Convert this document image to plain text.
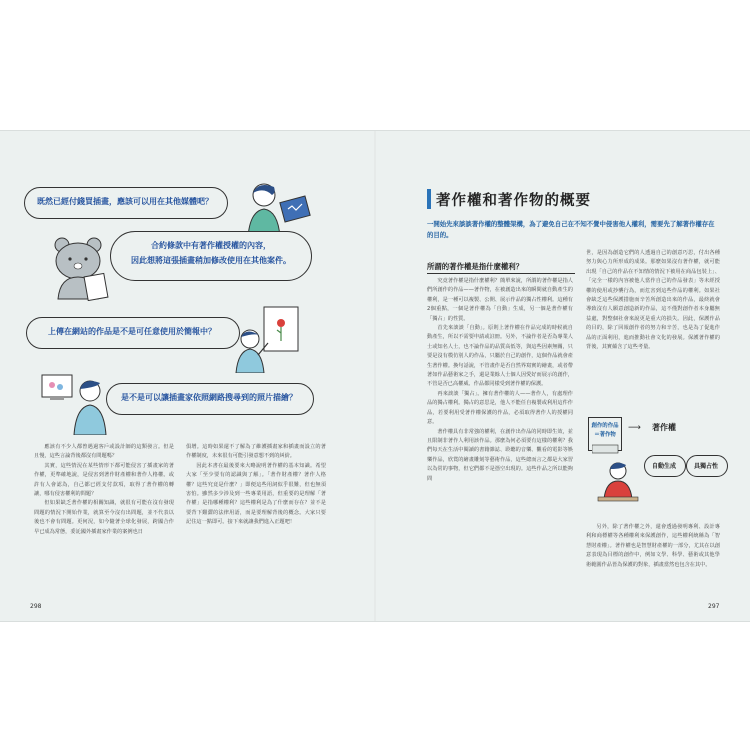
既然已經付錢買插畫，應該可以用在其他媒體吧？
合約條款中有著作權授權的內容，
因此想將這張插畫稍加修改使用在其他案件。
上傳在網站的作品是不是可任意使用於簡報中？
是不是可以讓插畫家依照網路搜尋到的照片描繪？

應該有不少人都曾遇過客戶或設計師的這類發言。但是且慢，這些言論背後都沒有問題嗎？

其實，這些情況在某些情形下都可能侵害了插畫家的著作權，更準確地說，是侵害到著作財產權和著作人格權。或許有人會認為，自己都已經支付款項，取得了著作權的轉讓，哪有侵害權利的問題？

但如果缺乏著作權的相關知識，就很有可能在沒有發現問題的情況下開始作業，就算至今沒有出問題，並不代表以後也不會有問題。更何況，如今隨著全球化發展，跨國合作早已成為常態，委託國外插畫家作業的案例也日

俱增。這時如果還不了解為了維護插畫家和插畫而設立的著作權制度，未來很有可能引發意想不到的糾紛。

因此本書在最後要來大略說明著作權的基本知識。希望大家「至少要有的認識與了解」。「著作財產權？著作人格權？這些究竟是什麼？」即便這些用詞似乎很難，但也無須害怕。雖然多少涉及到一些專業用語，但重要的是理解「著作權」是指哪種權利？這些權利是為了什麼而存在？並不是要背下艱澀的法律用語，而是要理解背後的概念。大家只要記住這一點即可。接下來就讓我們進入正題吧！

298
著作權和著作物的概要
一開始先來談談著作權的整體架構，為了避免自己在不知不覺中侵害他人權利，需要先了解著作權存在的目的。
所謂的著作權是指什麼權利？

究竟著作權是指什麼權利？簡單來說，所謂的著作權是指人們所創作的作品——著作物，在被創造出來的瞬間就自動產生的權利，是一種可以複製、公開、展示作品的獨占性權利。這種有2個重點，一個是著作權為「自動」生成，另一個是著作權有「獨占」的性質。

首先來談談「自動」。原則上著作權在作品完成的時候就自動產生，所以不需要申請或註冊。另外，不論作者是否為專業人士或知名人士，也不論作品的品質高低等，與這些因素無關，只要是沒有模仿別人的作品，只屬於自己的創作，這個作品就會產生著作權。換句話說，不管畫作是否自然界寫實的繪畫，或者帶著如作品藝術家之手，還是業餘人士個人因愛好而展示的創作，不管是否已高權威、作品都同樣受到著作權的保護。

再來談談「獨占」。擁有著作權的人——著作人，有處理作品的獨占權利。獨占的意思是，他人不能任自複製或利用這件作品，若要利用受著作權保護的作品，必須取得著作人的授權同意。

著作權具有非常強的權利，在創作出作品的同時即生效，並且限制非著作人利用該作品。那麼為何必須要有這樣的權利？我們每天在生活中閱讀的書籍雜誌、聆聽的音樂、觀看的電影等娛樂作品，欣賞的繪畫雕刻等藝術作品，這些總而言之都是大家習以為常的事物，但它們都不是憑空出現的。這些作品之所以能夠問

世，是因為創造它們的人透過自己的創意巧思，付出各種努力與心力所形成的成果。那麼如果沒有著作權，就可能出現「自己的作品在不知情的情況下被用在商品包裝上」、「完全一樣的內容被他人當作自己的作品發表」等未經授權的使用或抄襲行為，而危害到這些作品的權利。如果社會缺乏這些保護措施而辛苦所創造出來的作品，最終就會導致沒有人願意創造新的作品，這不僅對創作者本身屬無益處，對整個社會來說更是重大的損失。因此，保護作品的目的，除了回報創作者的努力和辛苦，也是為了促進作品的正面利用，進而推動社會文化的發展。保護著作權的背後，其實蘊含了這些考量。

創作的作品＝著作物
⟶ 著作權
自動生成	具獨占性

另外，除了著作權之外，還會透過發明專利、設計專利和商標權等各種權利來保護創作，這些權利統稱為「智慧財產權」。著作權也是智慧財產權的一部分，尤其在以創意表現為目標的創作中，例如文學、科學、藝術或其他學術範圍作品皆為保護的對象，插畫當然也包含在其中。

297
